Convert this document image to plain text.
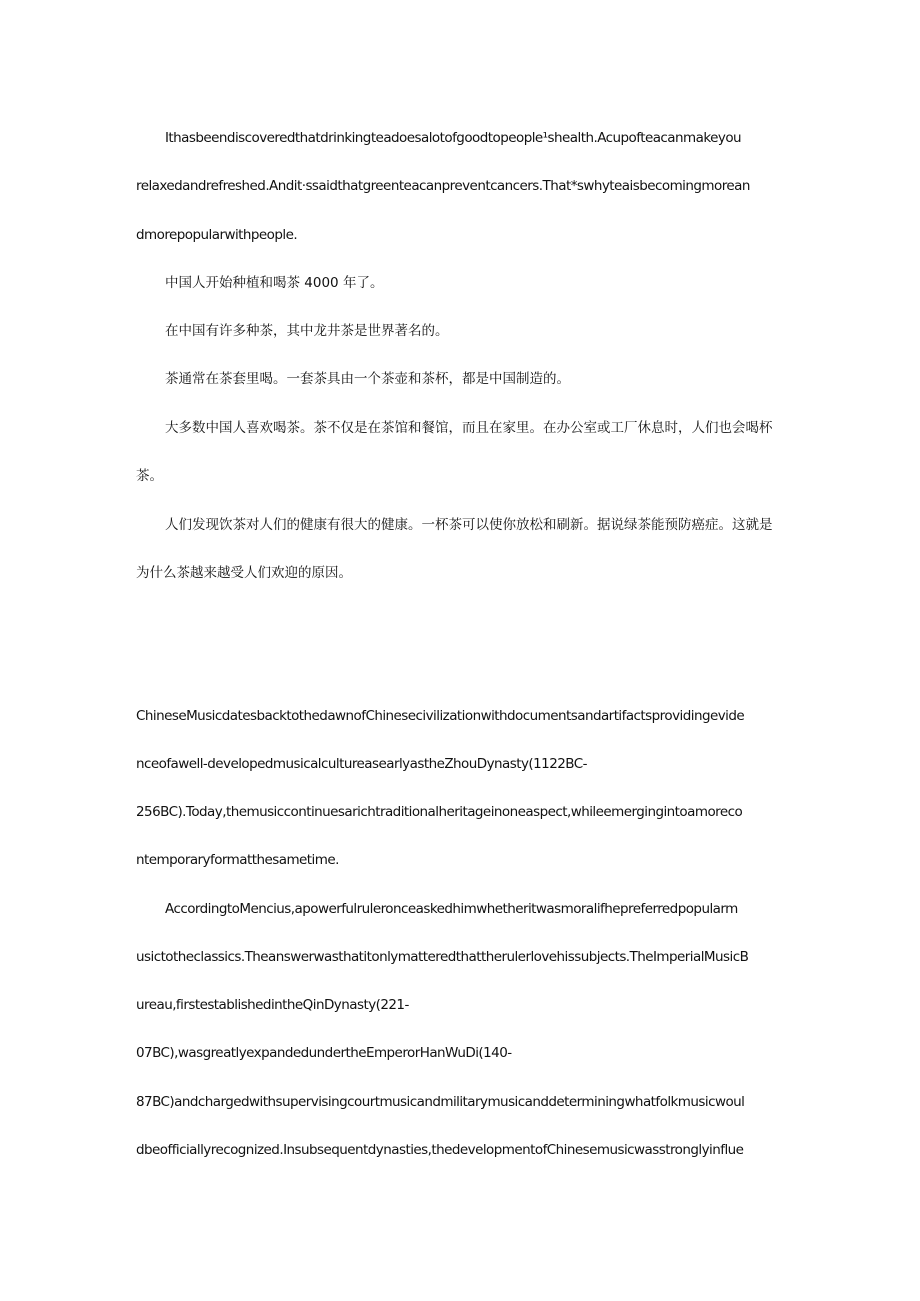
Ithasbeendiscoveredthatdrinkingteadoesalotofgoodtopeople¹shealth.Acupofteacanmakeyou
relaxedandrefreshed.Andit·ssaidthatgreenteacanpreventcancers.That*swhyteaisbecomingmorean
dmorepopularwithpeople.
中国人开始种植和喝茶 4000 年了。
在中国有许多种茶，其中龙井茶是世界著名的。
茶通常在茶套里喝。一套茶具由一个茶壶和茶杯，都是中国制造的。
大多数中国人喜欢喝茶。茶不仅是在茶馆和餐馆，而且在家里。在办公室或工厂休息时，人们也会喝杯
茶。
人们发现饮茶对人们的健康有很大的健康。一杯茶可以使你放松和刷新。据说绿茶能预防癌症。这就是
为什么茶越来越受人们欢迎的原因。
ChineseMusicdatesbacktothedawnofChinesecivilizationwithdocumentsandartifactsprovidingevide
nceofawell-developedmusicalcultureasearlyastheZhouDynasty(1122BC-
256BC).Today,themusiccontinuesarichtraditionalheritageinoneaspect,whileemergingintoamoreco
ntemporaryformatthesametime.
AccordingtoMencius,apowerfulruleronceaskedhimwhetheritwasmoralifhepreferredpopularm
usictotheclassics.Theanswerwasthatitonlymatteredthattherulerlovehissubjects.TheImperialMusicB
ureau,firstestablishedintheQinDynasty(221-
07BC),wasgreatlyexpandedundertheEmperorHanWuDi(140-
87BC)andchargedwithsupervisingcourtmusicandmilitarymusicanddeterminingwhatfolkmusicwoul
dbeofficiallyrecognized.Insubsequentdynasties,thedevelopmentofChinesemusicwasstronglyinflue
